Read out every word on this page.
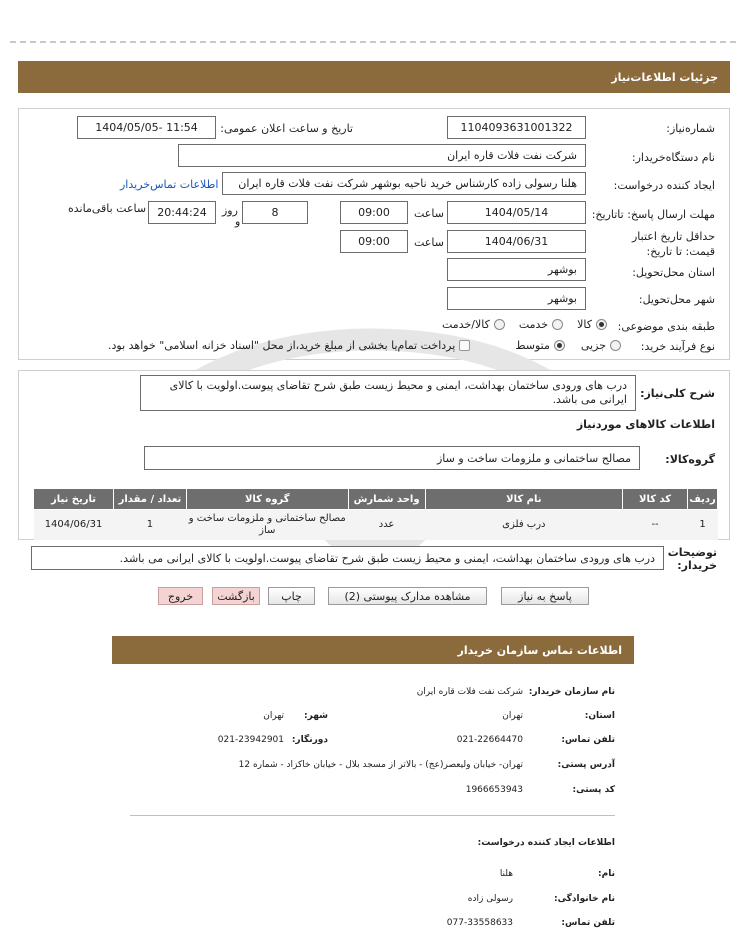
جزئیات اطلاعات‌نیاز
شماره‌نیاز:
1104093631001322
تاریخ و ساعت اعلان عمومی:
1404/05/05- 11:54
نام دستگاه‌خریدار:
شرکت نفت فلات قاره ایران
ایجاد کننده درخواست:
هلنا رسولی زاده کارشناس خرید ناحیه بوشهر شرکت نفت فلات قاره ایران
اطلاعات تماس‌خریدار
مهلت ارسال پاسخ: تاتاریخ:
1404/05/14
ساعت
09:00
8
روز
و
20:44:24
ساعت باقی‌مانده
حداقل تاریخ اعتبار قیمت: تا تاریخ:
1404/06/31
ساعت
09:00
استان محل‌تحویل:
بوشهر
شهر محل‌تحویل:
بوشهر
طبقه بندی موضوعی:
کالا
خدمت
کالا/خدمت
نوع فرآیند خرید:
جزیی
متوسط
پرداخت تمام‌یا بخشی از مبلغ خرید،از محل "اسناد خزانه اسلامی" خواهد بود.
شرح کلی‌نیاز:
درب های ورودی ساختمان بهداشت، ایمنی و محیط زیست طبق شرح تقاضای پیوست.اولویت با کالای ایرانی می باشد.
اطلاعات کالاهای موردنیاز
گروه‌کالا:
مصالح ساختمانی و ملزومات ساخت و ساز
ردیف	کد کالا	نام کالا	واحد شمارش	گروه کالا	تعداد / مقدار	تاریخ نیاز
1	--	درب فلزی	عدد	مصالح ساختمانی و ملزومات ساخت و ساز	1	1404/06/31
توضیحات خریدار:
درب های ورودی ساختمان بهداشت، ایمنی و محیط زیست طبق شرح تقاضای پیوست.اولویت با کالای ایرانی می باشد.
پاسخ به نیاز
مشاهده مدارک پیوستی (2)
چاپ
بازگشت
خروج
اطلاعات تماس سازمان خریدار
نام سازمان خریدار:
شرکت نفت فلات قاره ایران
استان:
تهران
شهر:
تهران
تلفن تماس:
021-22664470
دورنگار:
021-23942901
آدرس پستی:
تهران- خیابان ولیعصر(عج) - بالاتر از مسجد بلال - خیابان خاکزاد - شماره 12
کد پستی:
1966653943
اطلاعات ایجاد کننده درخواست:
نام:
هلنا
نام خانوادگی:
رسولی زاده
تلفن تماس:
077-33558633
